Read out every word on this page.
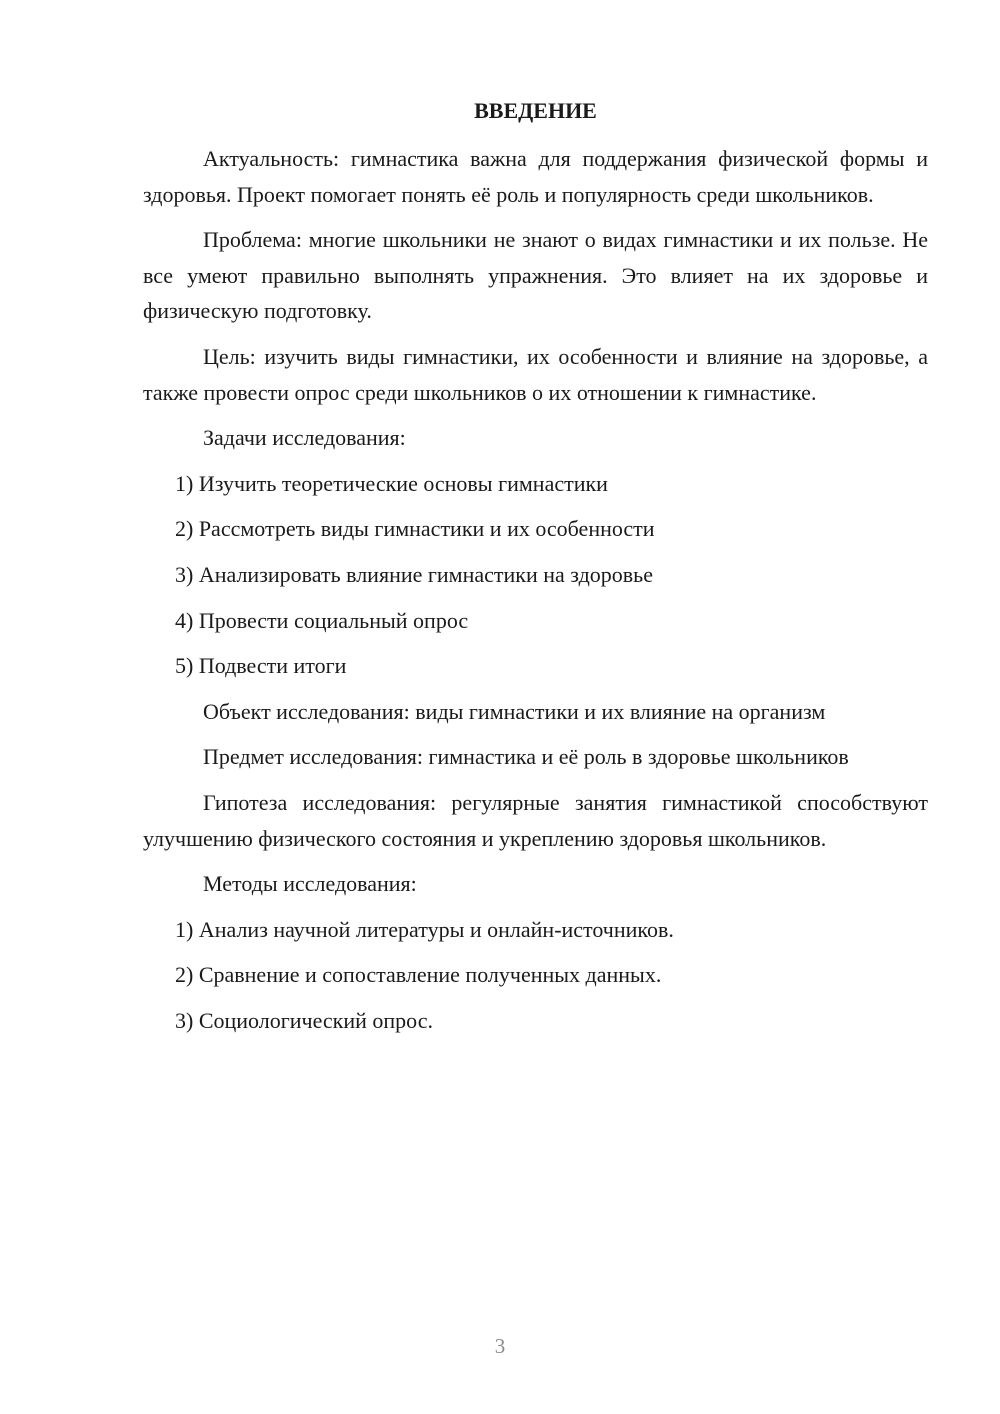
ВВЕДЕНИЕ

Актуальность: гимнастика важна для поддержания физической формы и здоровья. Проект помогает понять её роль и популярность среди школьников.

Проблема: многие школьники не знают о видах гимнастики и их пользе. Не все умеют правильно выполнять упражнения. Это влияет на их здоровье и физическую подготовку.

Цель: изучить виды гимнастики, их особенности и влияние на здоровье, а также провести опрос среди школьников о их отношении к гимнастике.

Задачи исследования:

1) Изучить теоретические основы гимнастики

2) Рассмотреть виды гимнастики и их особенности

3) Анализировать влияние гимнастики на здоровье

4) Провести социальный опрос

5) Подвести итоги

Объект исследования: виды гимнастики и их влияние на организм

Предмет исследования: гимнастика и её роль в здоровье школьников

Гипотеза исследования: регулярные занятия гимнастикой способствуют улучшению физического состояния и укреплению здоровья школьников.

Методы исследования:

1) Анализ научной литературы и онлайн-источников.

2) Сравнение и сопоставление полученных данных.

3) Социологический опрос.

3
